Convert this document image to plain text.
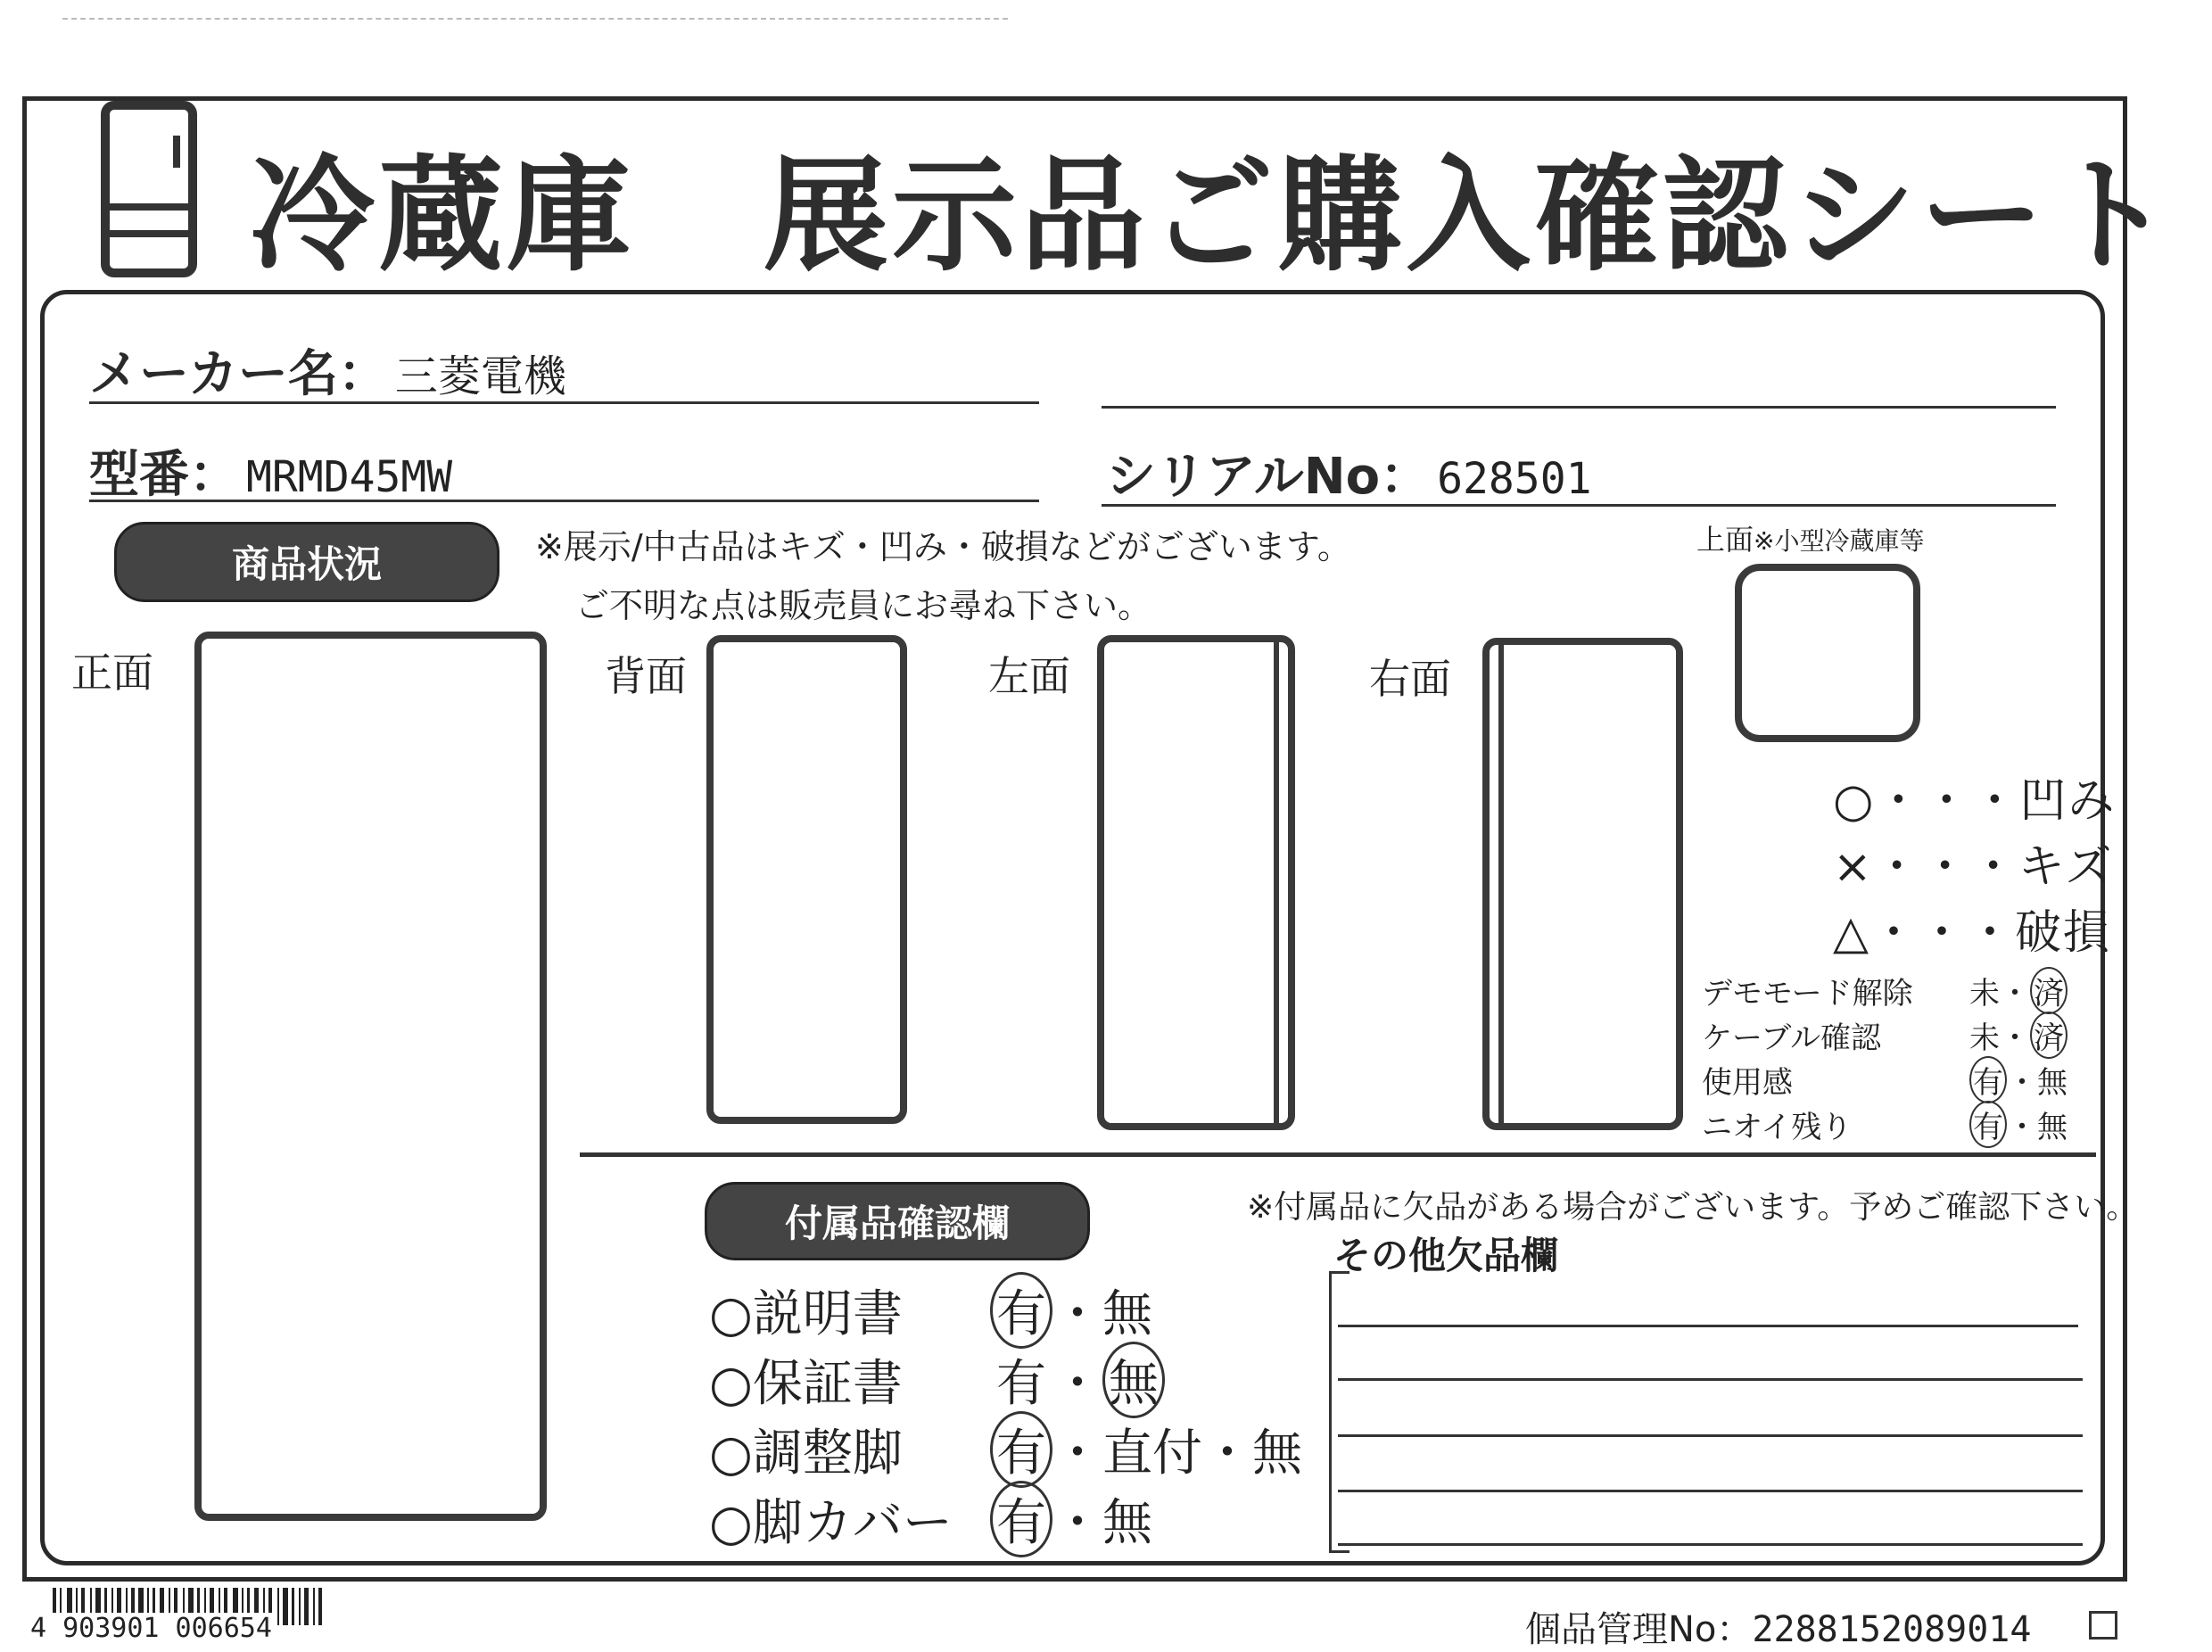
冷蔵庫　展示品ご購入確認シート
メーカー名： 三菱電機
型番： MRMD45MW	シリアルNo： 628501
商品状況	※展示/中古品はキズ・凹み・破損などがございます。
ご不明な点は販売員にお尋ね下さい。
正面	背面	左面	右面
上面※小型冷蔵庫等
○・・・凹み
×・・・キズ
△・・・破損
デモモード解除	未 ・ 済
ケーブル確認	未 ・ 済
使用感	有 ・ 無
ニオイ残り	有 ・ 無
付属品確認欄	※付属品に欠品がある場合がございます。予めご確認下さい。
その他欠品欄
○説明書	有 ・ 無
○保証書	有 ・ 無
○調整脚	有 ・ 直付 ・ 無
○脚カバー 有 ・ 無
4 903901 006654	個品管理No： 2288152089014
